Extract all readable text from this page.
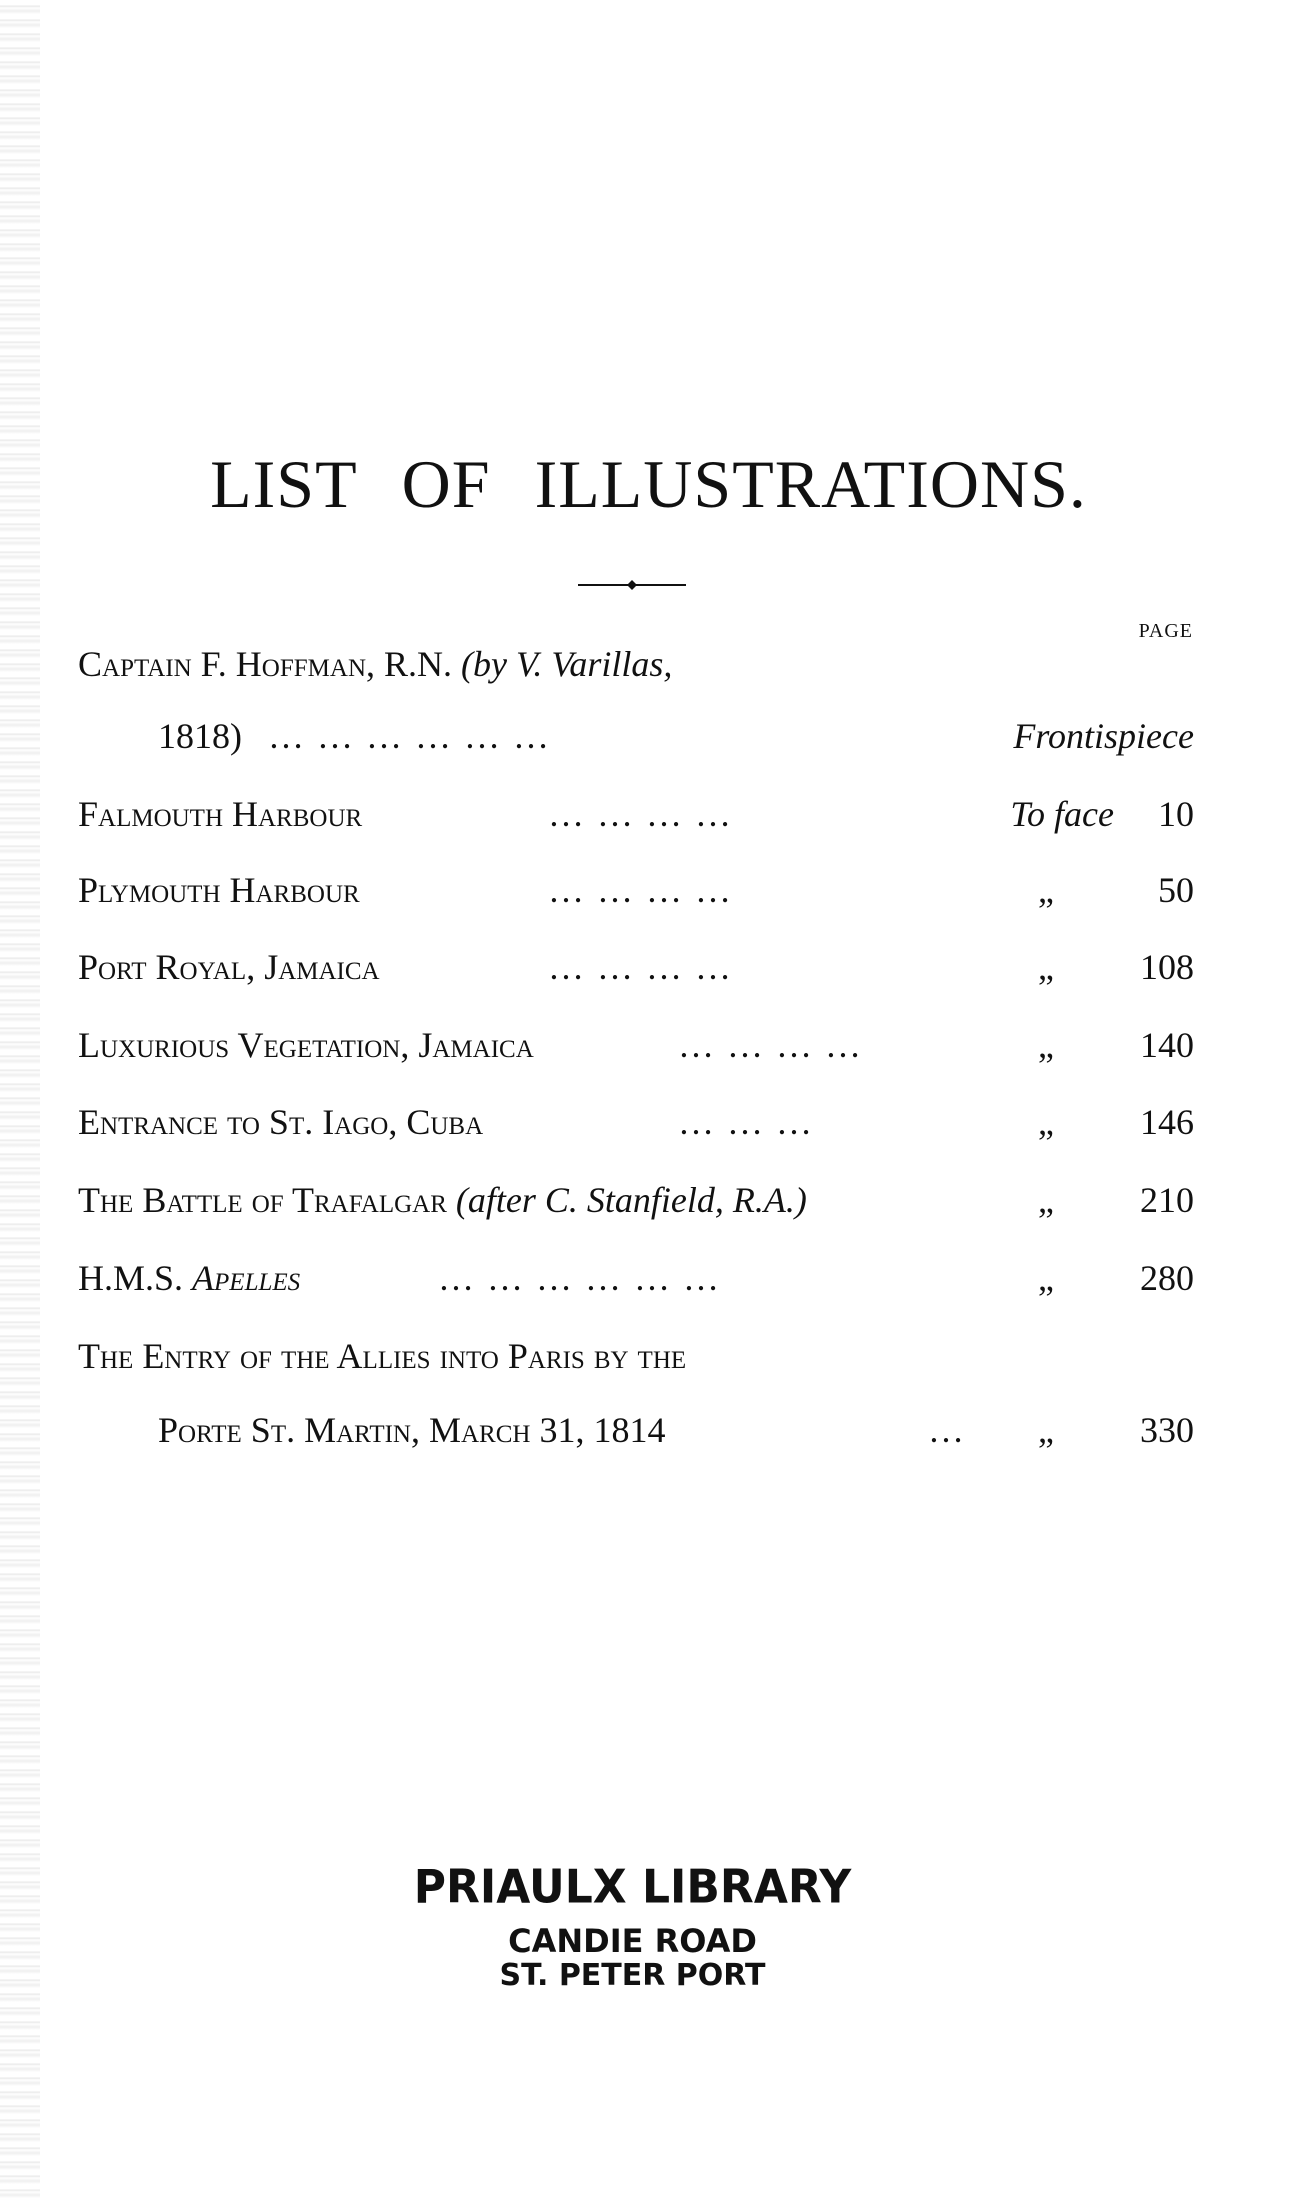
LIST OF ILLUSTRATIONS.
PAGE
Captain F. Hoffman, R.N. (by V. Varillas,
1818) … … … … … …	Frontispiece
Falmouth Harbour	… … … …	To face 10
Plymouth Harbour	… … … …	„	50
Port Royal, Jamaica	… … … …	„	108
Luxurious Vegetation, Jamaica	… … … …	„	140
Entrance to St. Iago, Cuba	… … …	„	146
The Battle of Trafalgar (after C. Stanfield, R.A.)	„	210
H.M.S. Apelles	… … … … … …	„	280
The Entry of the Allies into Paris by the
Porte St. Martin, March 31, 1814	…	„	330
PRIAULX LIBRARY
CANDIE ROAD
ST. PETER PORT
